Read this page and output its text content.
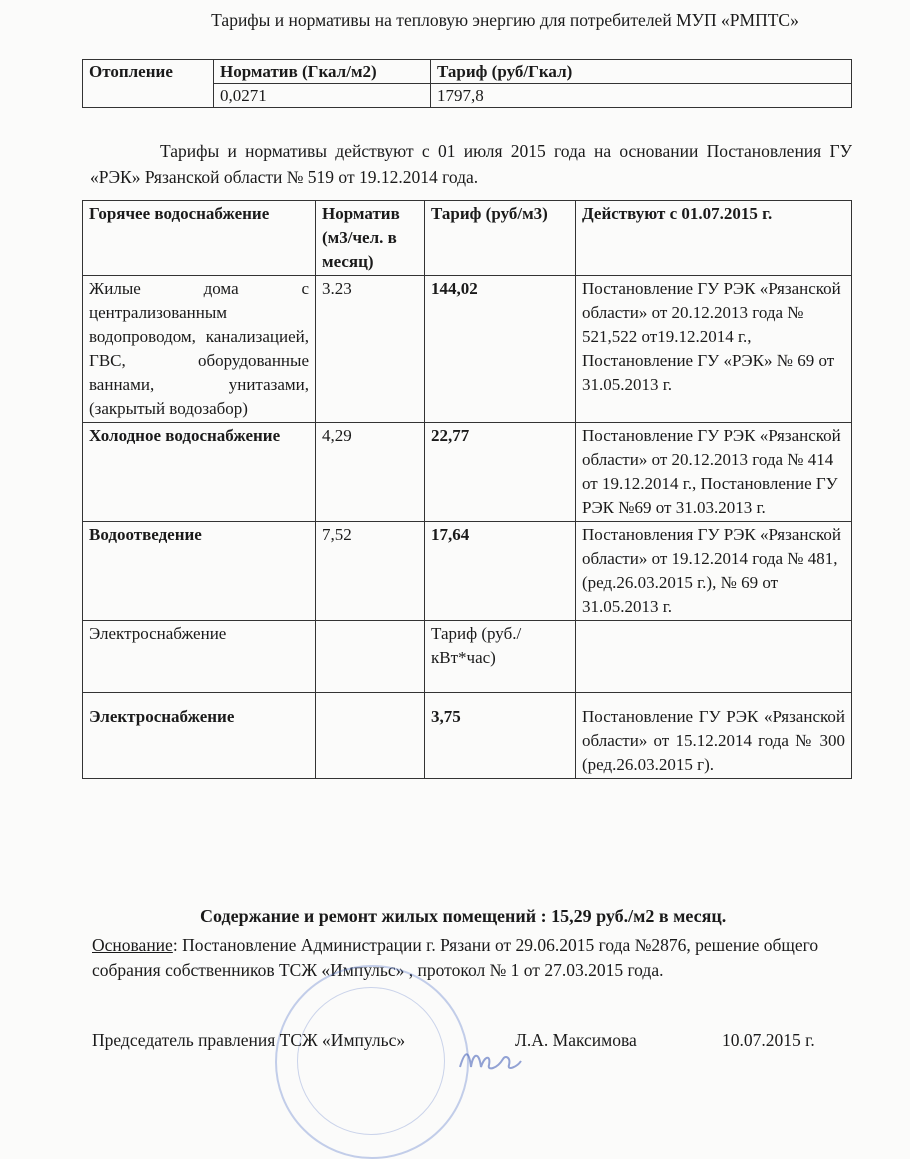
Тарифы и нормативы на тепловую энергию для потребителей МУП «РМПТС»
Отопление	Норматив (Гкал/м2)	Тариф (руб/Гкал)
	0,0271	1797,8
Тарифы и нормативы действуют с 01 июля 2015 года на основании Постановления ГУ «РЭК» Рязанской области № 519 от 19.12.2014 года.
Горячее водоснабжение	Норматив (м3/чел. в месяц)	Тариф (руб/м3)	Действуют с 01.07.2015 г.
Жилые дома с централизованным водопроводом, канализацией, ГВС, оборудованные ваннами, унитазами, (закрытый водозабор)	3.23	144,02	Постановление ГУ РЭК «Рязанской области» от 20.12.2013 года № 521,522 от19.12.2014 г., Постановление ГУ «РЭК» № 69 от 31.05.2013 г.
Холодное водоснабжение	4,29	22,77	Постановление ГУ РЭК «Рязанской области» от 20.12.2013 года № 414 от 19.12.2014 г., Постановление ГУ РЭК №69 от 31.03.2013 г.
Водоотведение	7,52	17,64	Постановления ГУ РЭК «Рязанской области» от 19.12.2014 года № 481, (ред.26.03.2015 г.), № 69 от 31.05.2013 г.
Электроснабжение		Тариф (руб./кВт*час)	
Электроснабжение		3,75	Постановление ГУ РЭК «Рязанской области» от 15.12.2014 года № 300 (ред.26.03.2015 г).
Содержание и ремонт жилых помещений : 15,29 руб./м2 в месяц.
Основание: Постановление Администрации г. Рязани от 29.06.2015 года №2876, решение общего собрания собственников ТСЖ «Импульс» , протокол № 1 от 27.03.2015 года.
Председатель правления ТСЖ «Импульс»	Л.А. Максимова	10.07.2015 г.
